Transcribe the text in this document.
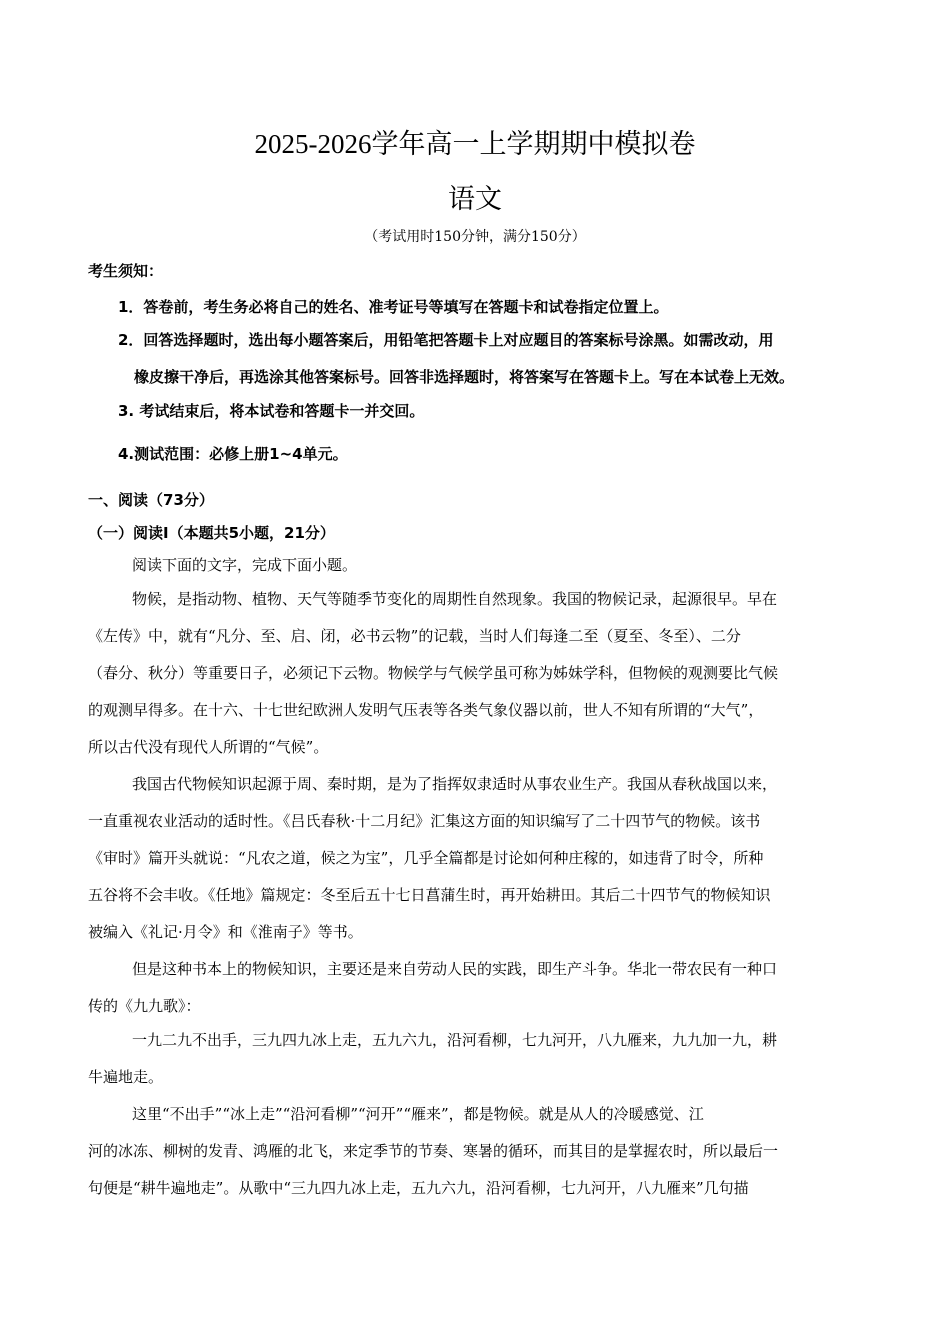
2025-2026学年高一上学期期中模拟卷
语文
（考试用时150分钟，满分150分）
考生须知：
1．答卷前，考生务必将自己的姓名、准考证号等填写在答题卡和试卷指定位置上。
2．回答选择题时，选出每小题答案后，用铅笔把答题卡上对应题目的答案标号涂黑。如需改动，用
橡皮擦干净后，再选涂其他答案标号。回答非选择题时，将答案写在答题卡上。写在本试卷上无效。
3. 考试结束后，将本试卷和答题卡一并交回。
4.测试范围：必修上册1~4单元。
一、阅读（73分）
（一）阅读Ⅰ（本题共5小题，21分）
阅读下面的文字，完成下面小题。
物候，是指动物、植物、天气等随季节变化的周期性自然现象。我国的物候记录，起源很早。早在
《左传》中，就有“凡分、至、启、闭，必书云物”的记载，当时人们每逢二至（夏至、冬至）、二分
（春分、秋分）等重要日子，必须记下云物。物候学与气候学虽可称为姊妹学科，但物候的观测要比气候
的观测早得多。在十六、十七世纪欧洲人发明气压表等各类气象仪器以前，世人不知有所谓的“大气”，
所以古代没有现代人所谓的“气候”。
我国古代物候知识起源于周、秦时期，是为了指挥奴隶适时从事农业生产。我国从春秋战国以来，
一直重视农业活动的适时性。《吕氏春秋·十二月纪》汇集这方面的知识编写了二十四节气的物候。该书
《审时》篇开头就说：“凡农之道，候之为宝”，几乎全篇都是讨论如何种庄稼的，如违背了时令，所种
五谷将不会丰收。《任地》篇规定：冬至后五十七日菖蒲生时，再开始耕田。其后二十四节气的物候知识
被编入《礼记·月令》和《淮南子》等书。
但是这种书本上的物候知识，主要还是来自劳动人民的实践，即生产斗争。华北一带农民有一种口
传的《九九歌》：
一九二九不出手，三九四九冰上走，五九六九，沿河看柳，七九河开，八九雁来，九九加一九，耕
牛遍地走。
这里“不出手”“冰上走”“沿河看柳”“河开”“雁来”，都是物候。就是从人的冷暖感觉、江
河的冰冻、柳树的发青、鸿雁的北飞，来定季节的节奏、寒暑的循环，而其目的是掌握农时，所以最后一
句便是“耕牛遍地走”。从歌中“三九四九冰上走，五九六九，沿河看柳，七九河开，八九雁来”几句描
